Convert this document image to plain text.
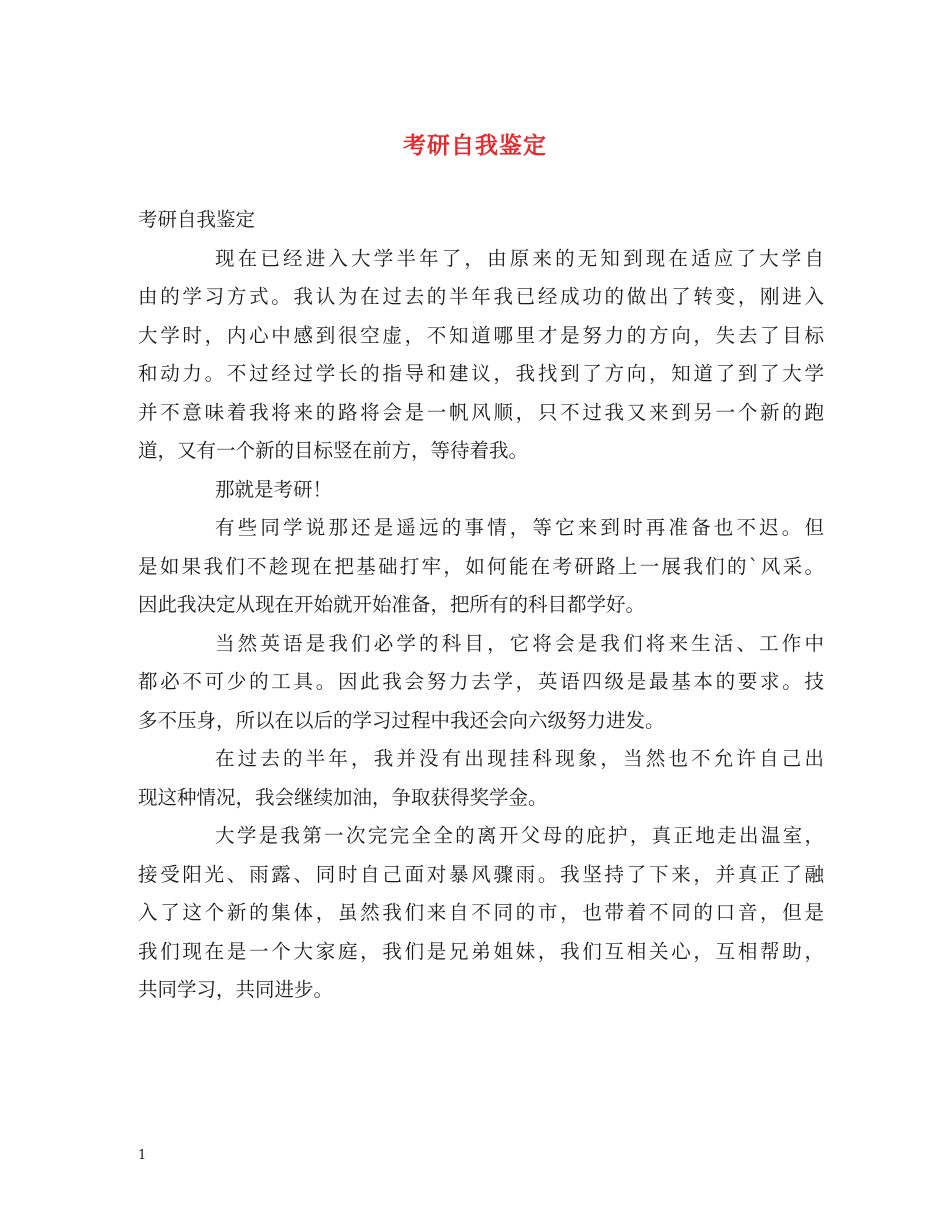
考研自我鉴定
考研自我鉴定
现在已经进入大学半年了，由原来的无知到现在适应了大学自
由的学习方式。我认为在过去的半年我已经成功的做出了转变，刚进入
大学时，内心中感到很空虚，不知道哪里才是努力的方向，失去了目标
和动力。不过经过学长的指导和建议，我找到了方向，知道了到了大学
并不意味着我将来的路将会是一帆风顺，只不过我又来到另一个新的跑
道，又有一个新的目标竖在前方，等待着我。
那就是考研！
有些同学说那还是遥远的事情，等它来到时再准备也不迟。但
是如果我们不趁现在把基础打牢，如何能在考研路上一展我们的`风采。
因此我决定从现在开始就开始准备，把所有的科目都学好。
当然英语是我们必学的科目，它将会是我们将来生活、工作中
都必不可少的工具。因此我会努力去学，英语四级是最基本的要求。技
多不压身，所以在以后的学习过程中我还会向六级努力进发。
在过去的半年，我并没有出现挂科现象，当然也不允许自己出
现这种情况，我会继续加油，争取获得奖学金。
大学是我第一次完完全全的离开父母的庇护，真正地走出温室，
接受阳光、雨露、同时自己面对暴风骤雨。我坚持了下来，并真正了融
入了这个新的集体，虽然我们来自不同的市，也带着不同的口音，但是
我们现在是一个大家庭，我们是兄弟姐妹，我们互相关心，互相帮助，
共同学习，共同进步。
1
